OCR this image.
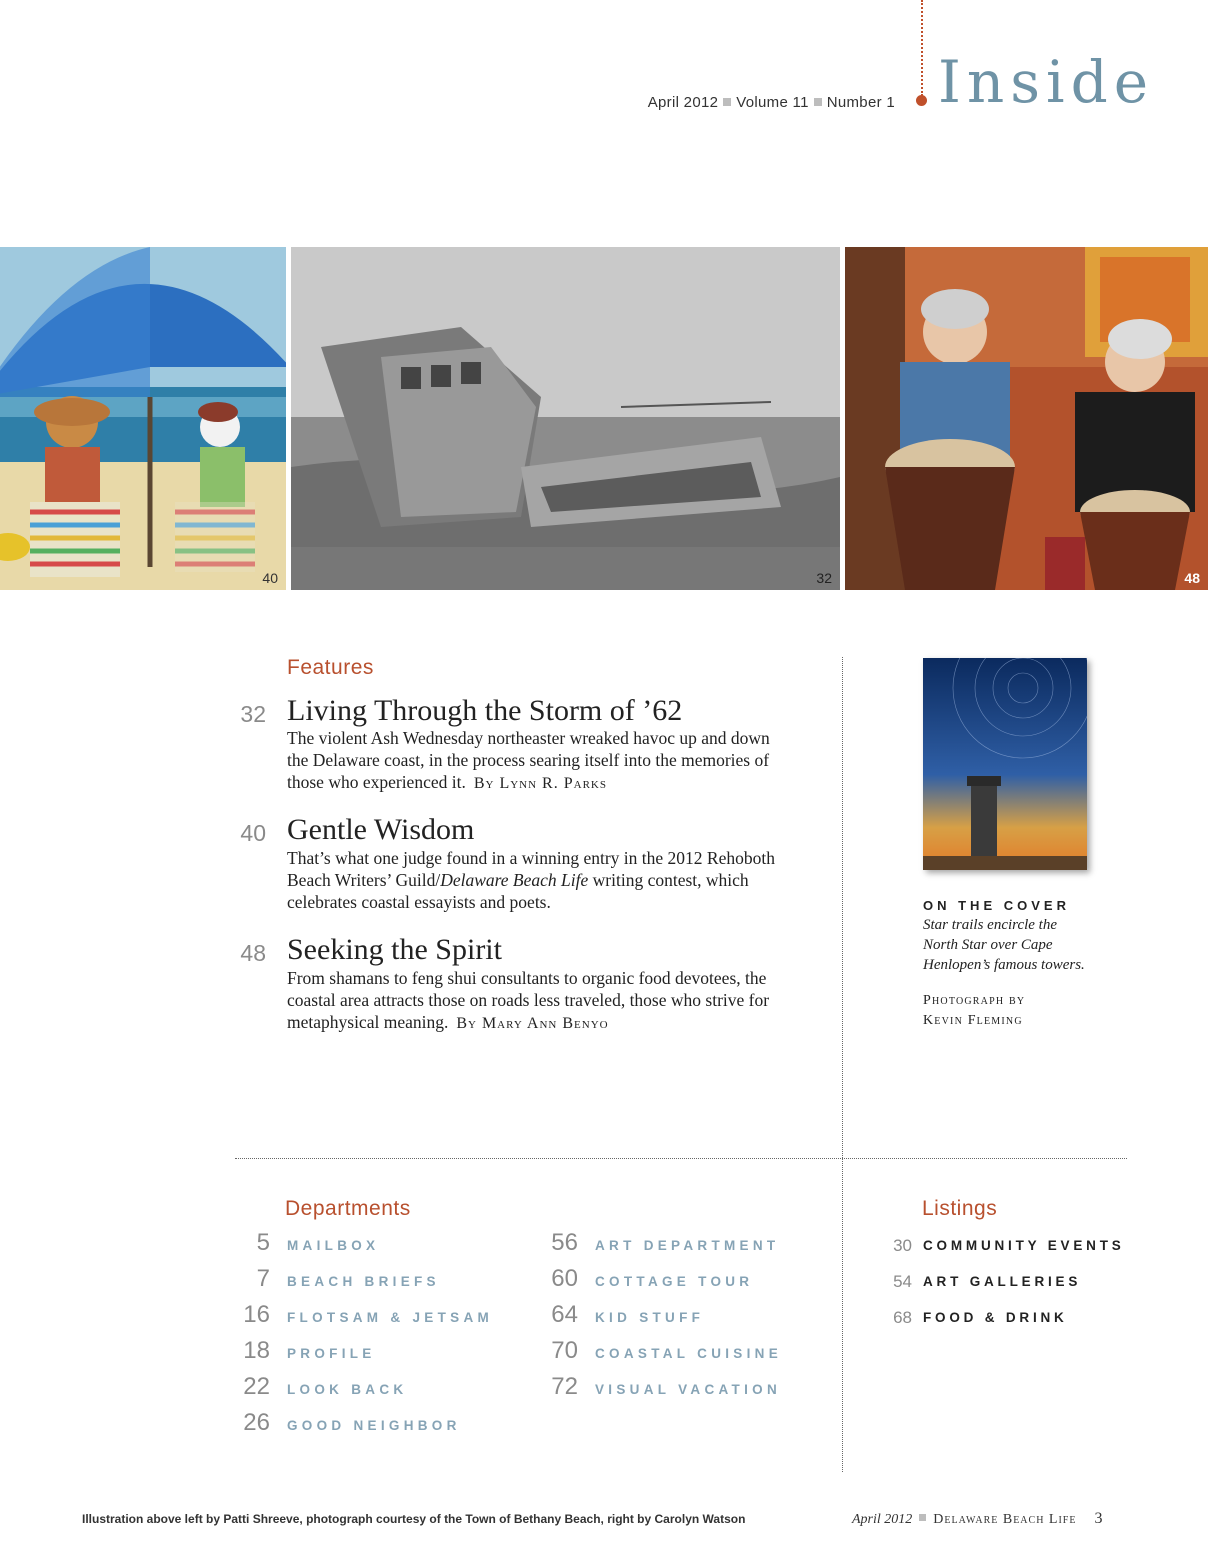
April 2012 Volume 11 Number 1 Inside
40	32	48
Features
32 Living Through the Storm of ’62
The violent Ash Wednesday northeaster wreaked havoc up and down the Delaware coast, in the process searing itself into the memories of those who experienced it. By Lynn R. Parks
40 Gentle Wisdom
That’s what one judge found in a winning entry in the 2012 Rehoboth Beach Writers’ Guild/Delaware Beach Life writing contest, which celebrates coastal essayists and poets.
48 Seeking the Spirit
From shamans to feng shui consultants to organic food devotees, the coastal area attracts those on roads less traveled, those who strive for metaphysical meaning. By Mary Ann Benyo
ON THE COVER
Star trails encircle the North Star over Cape Henlopen’s famous towers.
Photograph by
Kevin Fleming
Departments
5 MAILBOX
7 BEACH BRIEFS
16 FLOTSAM & JETSAM
18 PROFILE
22 LOOK BACK
26 GOOD NEIGHBOR
56 ART DEPARTMENT
60 COTTAGE TOUR
64 KID STUFF
70 COASTAL CUISINE
72 VISUAL VACATION
Listings
30 COMMUNITY EVENTS
54 ART GALLERIES
68 FOOD & DRINK
Illustration above left by Patti Shreeve, photograph courtesy of the Town of Bethany Beach, right by Carolyn Watson	April 2012 Delaware Beach Life 3
